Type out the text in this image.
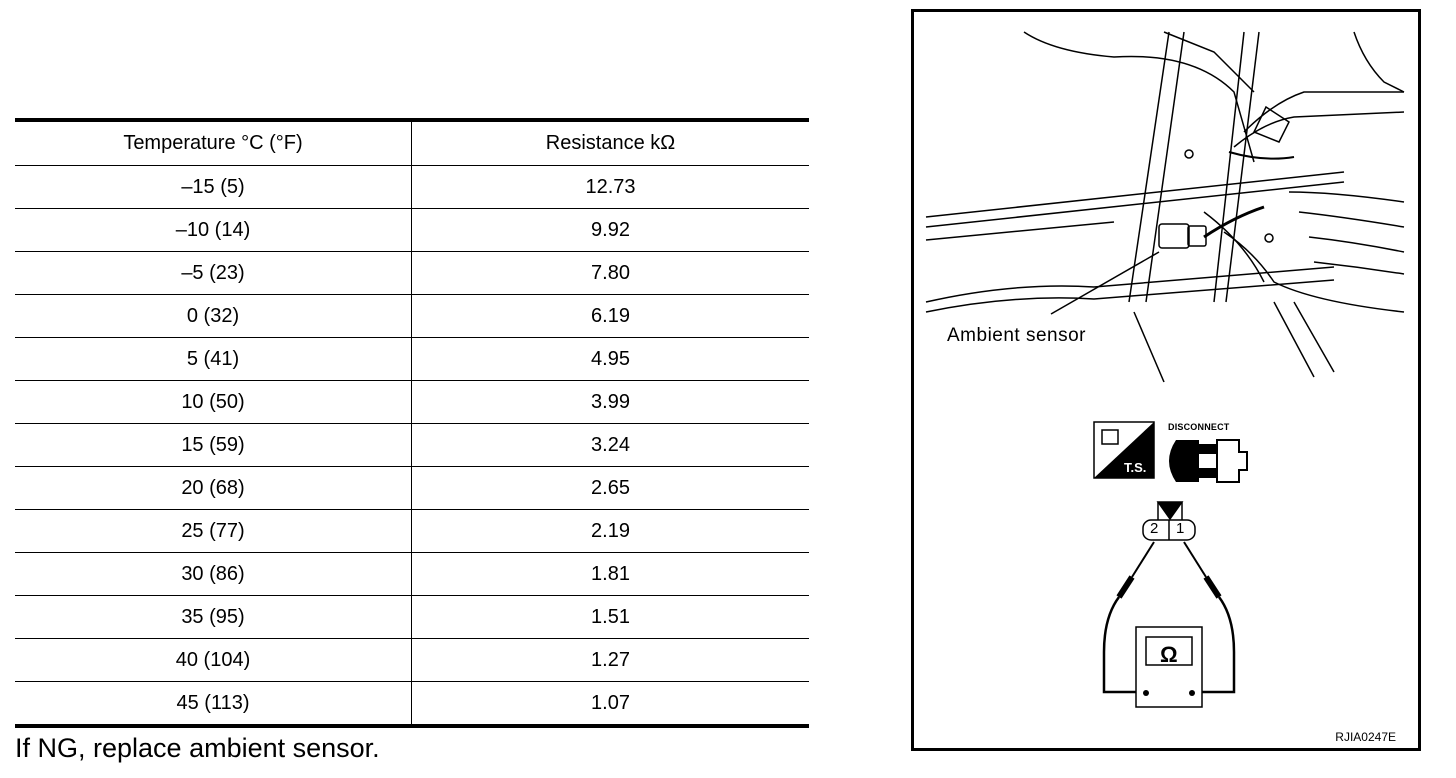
Temperature °C (°F)	Resistance kΩ
–15 (5)	12.73
–10 (14)	9.92
–5 (23)	7.80
0 (32)	6.19
5 (41)	4.95
10 (50)	3.99
15 (59)	3.24
20 (68)	2.65
25 (77)	2.19
30 (86)	1.81
35 (95)	1.51
40 (104)	1.27
45 (113)	1.07
If NG, replace ambient sensor.
Ambient sensor
T.S.
DISCONNECT
2 1
Ω
RJIA0247E
